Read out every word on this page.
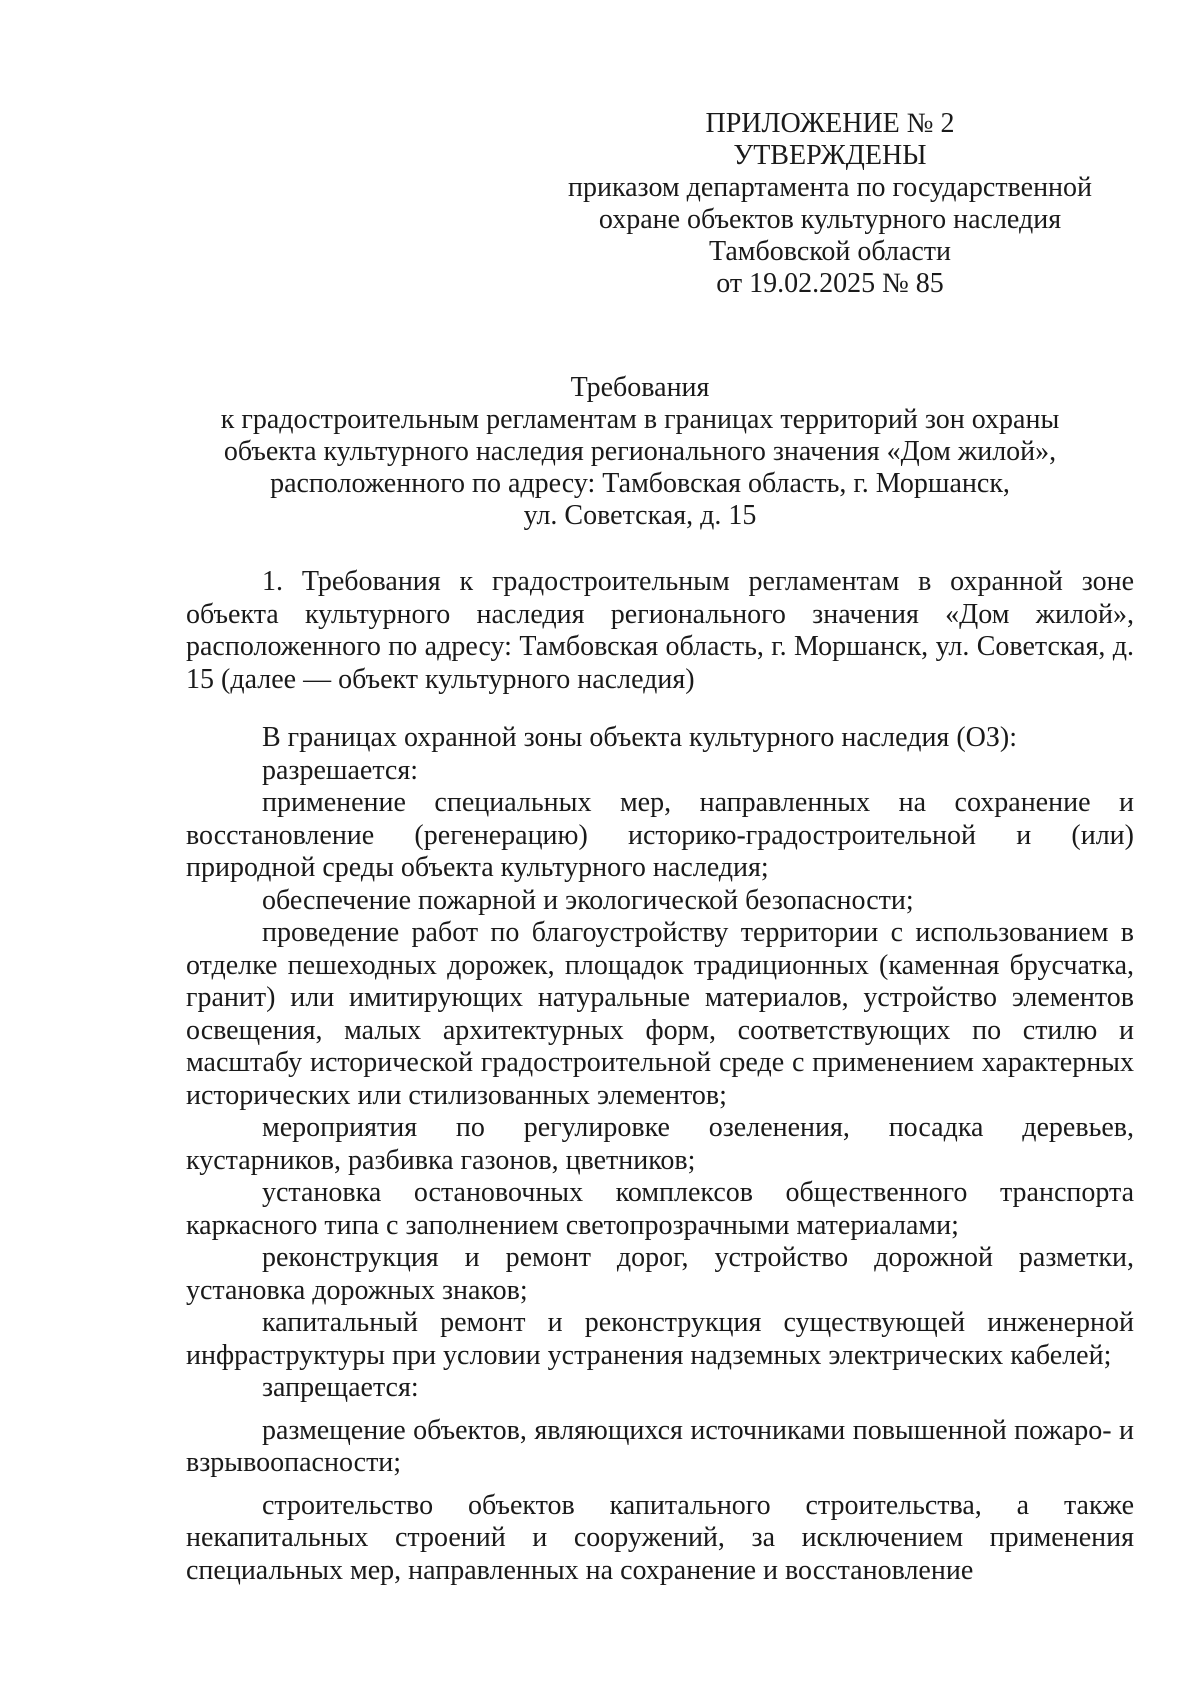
ПРИЛОЖЕНИЕ № 2
УТВЕРЖДЕНЫ
приказом департамента по государственной
охране объектов культурного наследия
Тамбовской области
от 19.02.2025 № 85
Требования
к градостроительным регламентам в границах территорий зон охраны
объекта культурного наследия регионального значения «Дом жилой»,
расположенного по адресу: Тамбовская область, г. Моршанск,
ул. Советская, д. 15

1. Требования к градостроительным регламентам в охранной зоне объекта культурного наследия регионального значения «Дом жилой», расположенного по адресу: Тамбовская область, г. Моршанск, ул. Советская, д. 15 (далее — объект культурного наследия)

В границах охранной зоны объекта культурного наследия (ОЗ):

разрешается:

применение специальных мер, направленных на сохранение и восстановление (регенерацию) историко-градостроительной и (или) природной среды объекта культурного наследия;

обеспечение пожарной и экологической безопасности;

проведение работ по благоустройству территории с использованием в отделке пешеходных дорожек, площадок традиционных (каменная брусчатка, гранит) или имитирующих натуральные материалов, устройство элементов освещения, малых архитектурных форм, соответствующих по стилю и масштабу исторической градостроительной среде с применением характерных исторических или стилизованных элементов;

мероприятия по регулировке озеленения, посадка деревьев, кустарников, разбивка газонов, цветников;

установка остановочных комплексов общественного транспорта каркасного типа с заполнением светопрозрачными материалами;

реконструкция и ремонт дорог, устройство дорожной разметки, установка дорожных знаков;

капитальный ремонт и реконструкция существующей инженерной инфраструктуры при условии устранения надземных электрических кабелей;

запрещается:

размещение объектов, являющихся источниками повышенной пожаро- и взрывоопасности;

строительство объектов капитального строительства, а также некапитальных строений и сооружений, за исключением применения специальных мер, направленных на сохранение и восстановление
